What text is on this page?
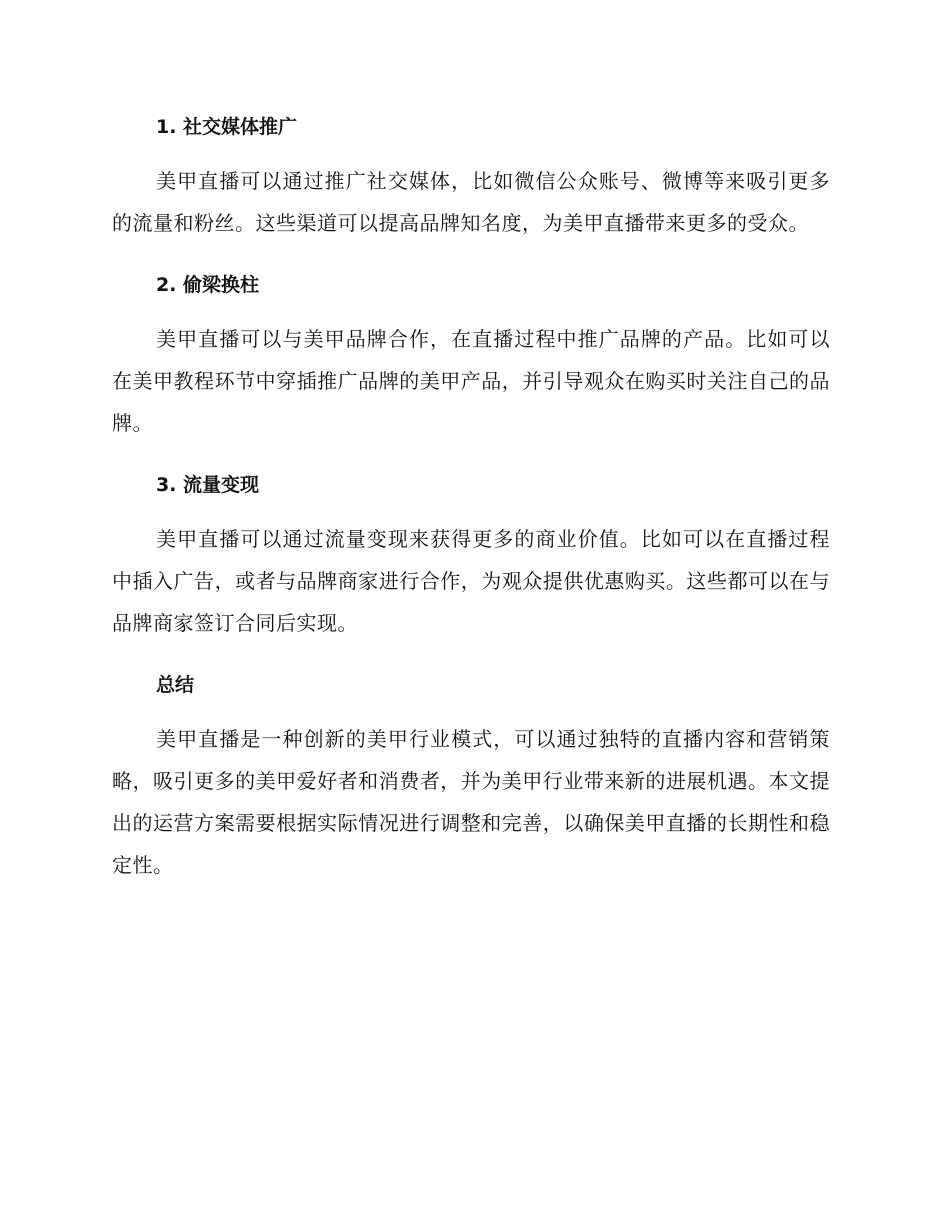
1. 社交媒体推广

美甲直播可以通过推广社交媒体，比如微信公众账号、微博等来吸引更多的流量和粉丝。这些渠道可以提高品牌知名度，为美甲直播带来更多的受众。

2. 偷梁换柱

美甲直播可以与美甲品牌合作，在直播过程中推广品牌的产品。比如可以在美甲教程环节中穿插推广品牌的美甲产品，并引导观众在购买时关注自己的品牌。

3. 流量变现

美甲直播可以通过流量变现来获得更多的商业价值。比如可以在直播过程中插入广告，或者与品牌商家进行合作，为观众提供优惠购买。这些都可以在与品牌商家签订合同后实现。

总结

美甲直播是一种创新的美甲行业模式，可以通过独特的直播内容和营销策略，吸引更多的美甲爱好者和消费者，并为美甲行业带来新的进展机遇。本文提出的运营方案需要根据实际情况进行调整和完善，以确保美甲直播的长期性和稳定性。
